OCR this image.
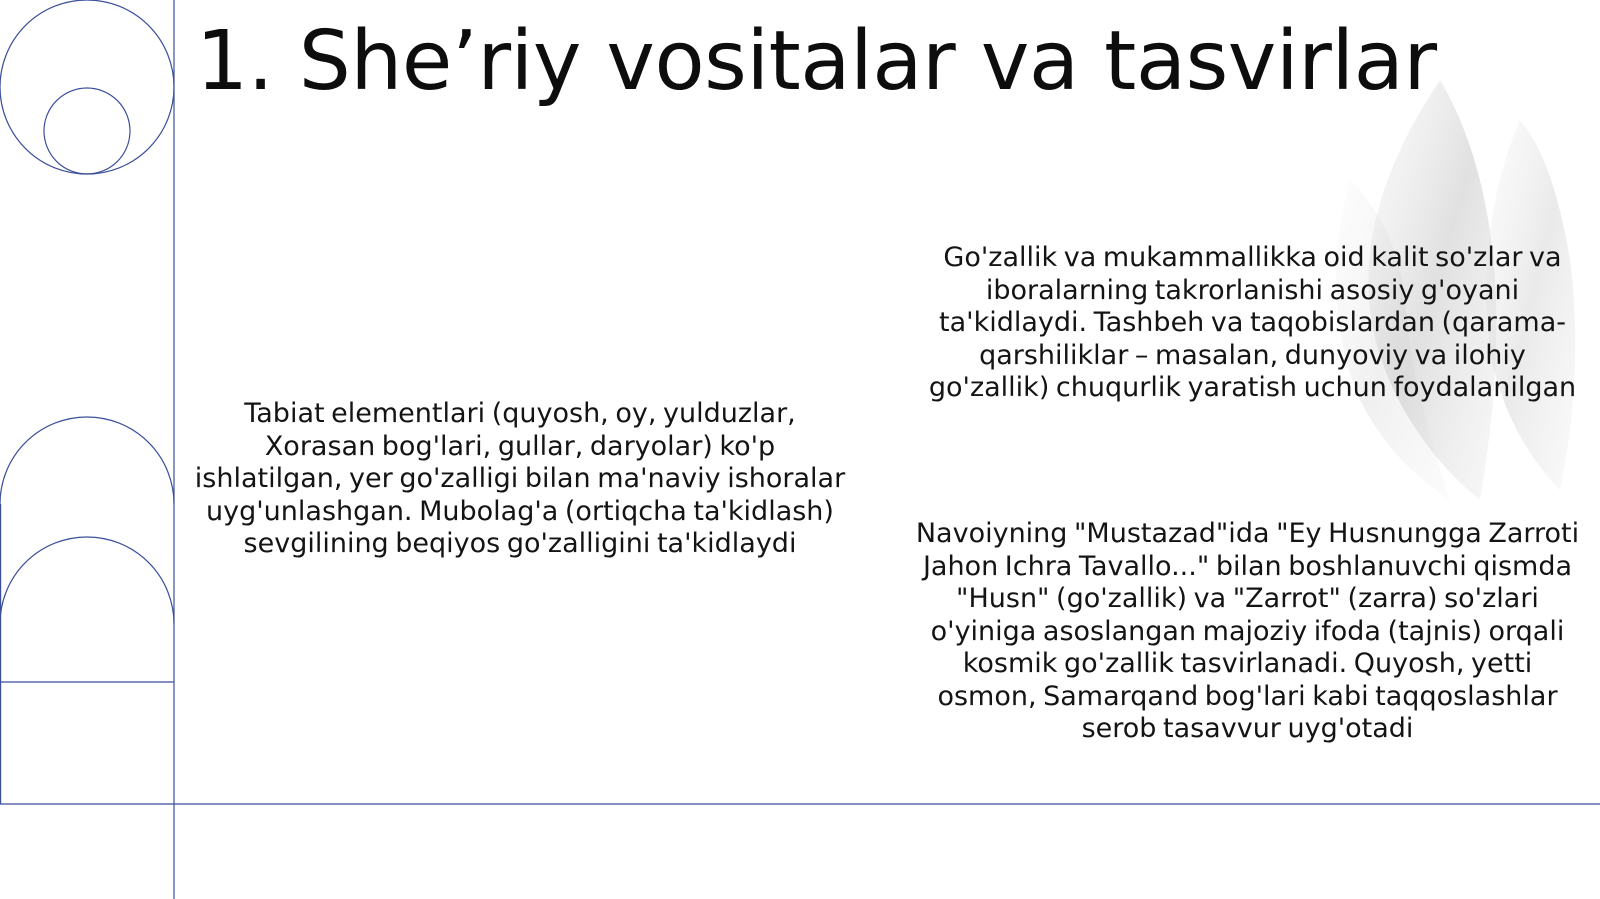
1. She’riy vositalar va tasvirlar

Tabiat elementlari (quyosh, oy, yulduzlar, Xorasan bog'lari, gullar, daryolar) ko'p ishlatilgan, yer go'zalligi bilan ma'naviy ishoralar uyg'unlashgan. Mubolag'a (ortiqcha ta'kidlash) sevgilining beqiyos go'zalligini ta'kidlaydi

Go'zallik va mukammallikka oid kalit so'zlar va iboralarning takrorlanishi asosiy g'oyani ta'kidlaydi. Tashbeh va taqobislardan (qarama-qarshiliklar – masalan, dunyoviy va ilohiy go'zallik) chuqurlik yaratish uchun foydalanilgan

Navoiyning "Mustazad"ida "Ey Husnungga Zarroti Jahon Ichra Tavallo..." bilan boshlanuvchi qismda "Husn" (go'zallik) va "Zarrot" (zarra) so'zlari o'yiniga asoslangan majoziy ifoda (tajnis) orqali kosmik go'zallik tasvirlanadi. Quyosh, yetti osmon, Samarqand bog'lari kabi taqqoslashlar serob tasavvur uyg'otadi
